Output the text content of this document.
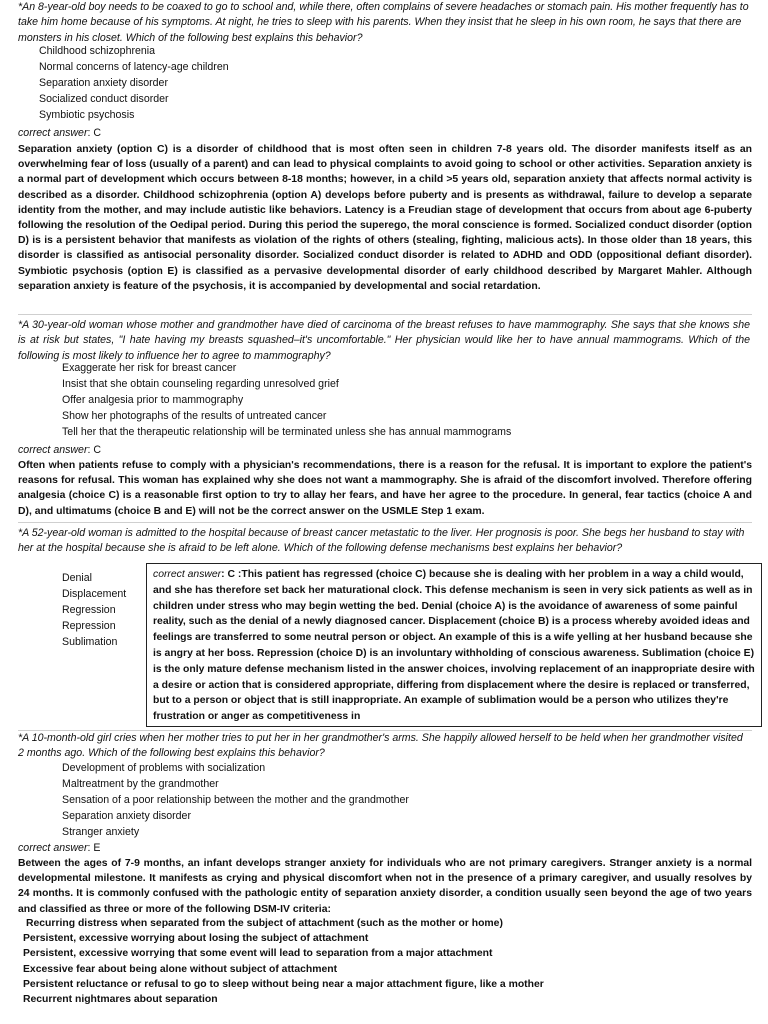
*An 8-year-old boy needs to be coaxed to go to school and, while there, often complains of severe headaches or stomach pain. His mother frequently has to take him home because of his symptoms. At night, he tries to sleep with his parents. When they insist that he sleep in his own room, he says that there are monsters in his closet. Which of the following best explains this behavior?
Childhood schizophrenia
Normal concerns of latency-age children
Separation anxiety disorder
Socialized conduct disorder
Symbiotic psychosis
correct answer: C
Separation anxiety (option C) is a disorder of childhood that is most often seen in children 7-8 years old. The disorder manifests itself as an overwhelming fear of loss (usually of a parent) and can lead to physical complaints to avoid going to school or other activities. Separation anxiety is a normal part of development which occurs between 8-18 months; however, in a child >5 years old, separation anxiety that affects normal activity is described as a disorder. Childhood schizophrenia (option A) develops before puberty and is presents as withdrawal, failure to develop a separate identity from the mother, and may include autistic like behaviors. Latency is a Freudian stage of development that occurs from about age 6-puberty following the resolution of the Oedipal period. During this period the superego, the moral conscience is formed. Socialized conduct disorder (option D) is is a persistent behavior that manifests as violation of the rights of others (stealing, fighting, malicious acts). In those older than 18 years, this disorder is classified as antisocial personality disorder. Socialized conduct disorder is related to ADHD and ODD (oppositional defiant disorder). Symbiotic psychosis (option E) is classified as a pervasive developmental disorder of early childhood described by Margaret Mahler. Although separation anxiety is feature of the psychosis, it is accompanied by developmental and social retardation.
*A 30-year-old woman whose mother and grandmother have died of carcinoma of the breast refuses to have mammography. She says that she knows she is at risk but states, "I hate having my breasts squashed–it's uncomfortable." Her physician would like her to have annual mammograms. Which of the following is most likely to influence her to agree to mammography?
Exaggerate her risk for breast cancer
Insist that she obtain counseling regarding unresolved grief
Offer analgesia prior to mammography
Show her photographs of the results of untreated cancer
Tell her that the therapeutic relationship will be terminated unless she has annual mammograms
correct answer: C
Often when patients refuse to comply with a physician's recommendations, there is a reason for the refusal. It is important to explore the patient's reasons for refusal. This woman has explained why she does not want a mammography. She is afraid of the discomfort involved. Therefore offering analgesia (choice C) is a reasonable first option to try to allay her fears, and have her agree to the procedure. In general, fear tactics (choice A and D), and ultimatums (choice B and E) will not be the correct answer on the USMLE Step 1 exam.
*A 52-year-old woman is admitted to the hospital because of breast cancer metastatic to the liver. Her prognosis is poor. She begs her husband to stay with her at the hospital because she is afraid to be left alone. Which of the following defense mechanisms best explains her behavior?
Denial
Displacement
Regression
Repression
Sublimation
correct answer: C :This patient has regressed (choice C) because she is dealing with her problem in a way a child would, and she has therefore set back her maturational clock. This defense mechanism is seen in very sick patients as well as in children under stress who may begin wetting the bed. Denial (choice A) is the avoidance of awareness of some painful reality, such as the denial of a newly diagnosed cancer. Displacement (choice B) is a process whereby avoided ideas and feelings are transferred to some neutral person or object. An example of this is a wife yelling at her husband because she is angry at her boss. Repression (choice D) is an involuntary withholding of conscious awareness. Sublimation (choice E) is the only mature defense mechanism listed in the answer choices, involving replacement of an inappropriate desire with a desire or action that is considered appropriate, differing from displacement where the desire is replaced or transferred, but to a person or object that is still inappropriate. An example of sublimation would be a person who utilizes they're frustration or anger as competitiveness in
*A 10-month-old girl cries when her mother tries to put her in her grandmother's arms. She happily allowed herself to be held when her grandmother visited 2 months ago. Which of the following best explains this behavior?
Development of problems with socialization
Maltreatment by the grandmother
Sensation of a poor relationship between the mother and the grandmother
Separation anxiety disorder
Stranger anxiety
correct answer: E
Between the ages of 7-9 months, an infant develops stranger anxiety for individuals who are not primary caregivers. Stranger anxiety is a normal developmental milestone. It manifests as crying and physical discomfort when not in the presence of a primary caregiver, and usually resolves by 24 months. It is commonly confused with the pathologic entity of separation anxiety disorder, a condition usually seen beyond the age of two years and classified as three or more of the following DSM-IV criteria:
Recurring distress when separated from the subject of attachment (such as the mother or home)
Persistent, excessive worrying about losing the subject of attachment
Persistent, excessive worrying that some event will lead to separation from a major attachment
Excessive fear about being alone without subject of attachment
Persistent reluctance or refusal to go to sleep without being near a major attachment figure, like a mother
Recurrent nightmares about separation
